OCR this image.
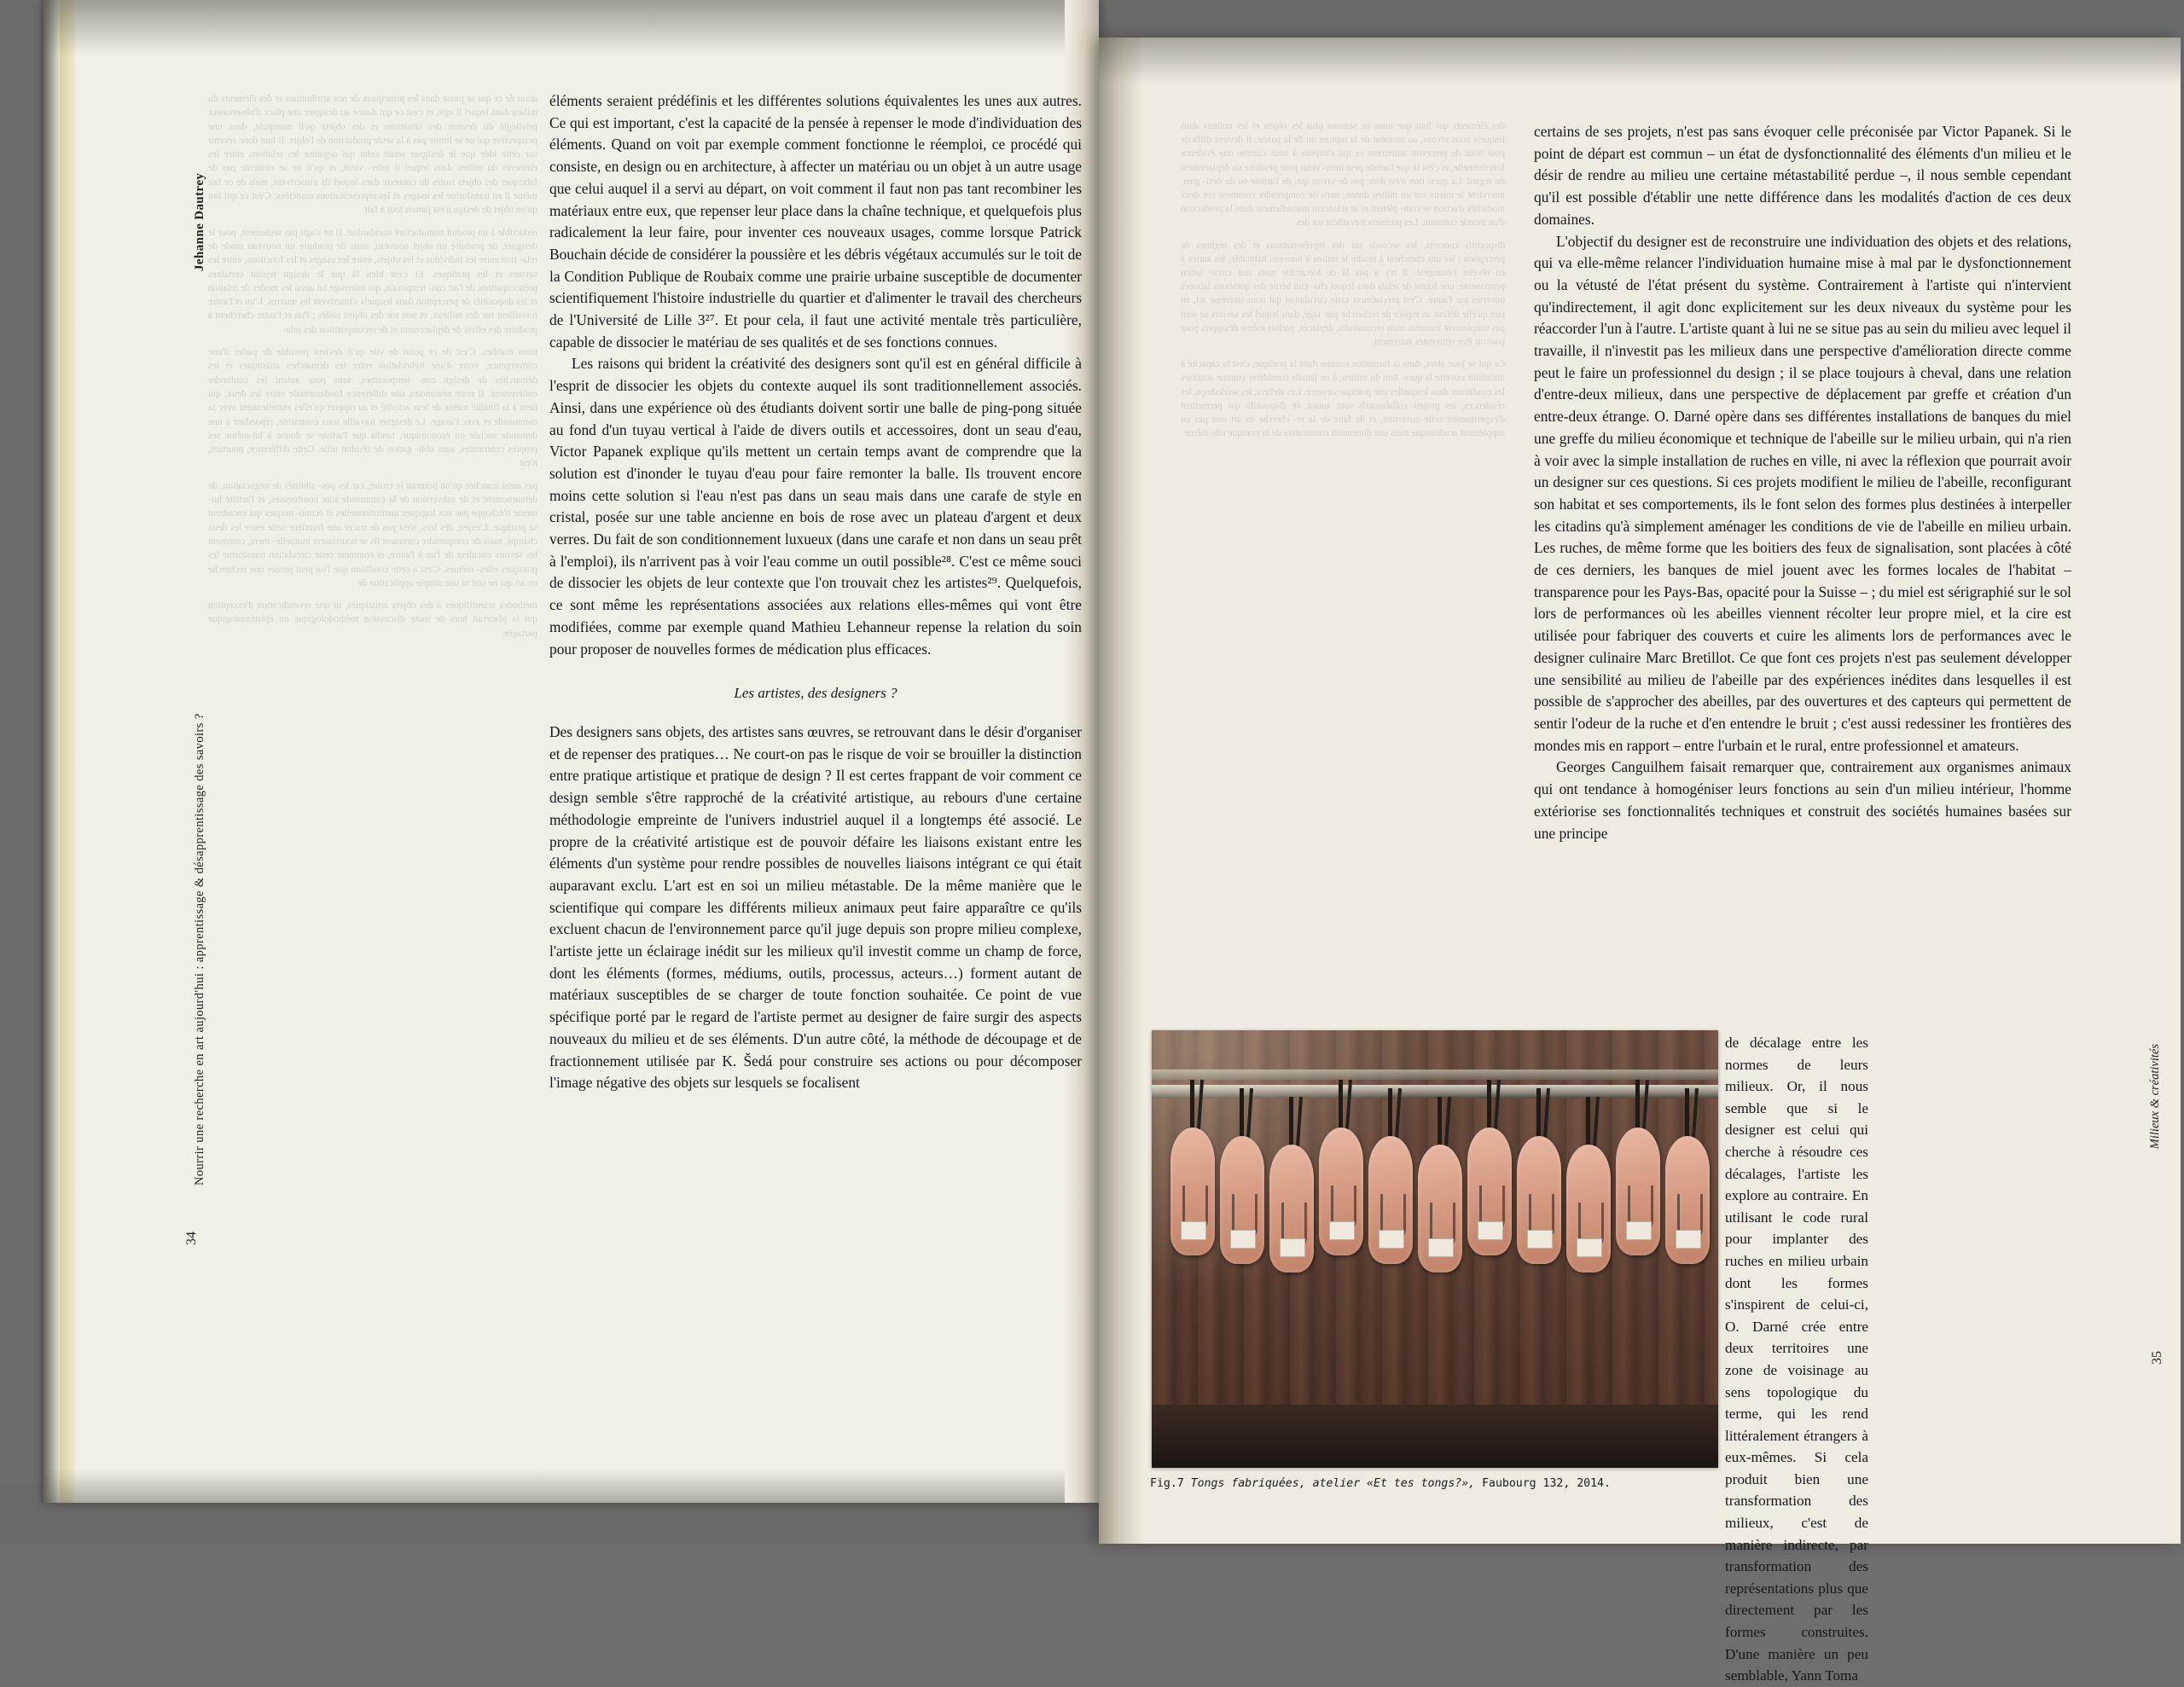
Jehanne Dautrey
Nourrir une recherche en art aujourd'hui : apprentissage & désapprentissage des savoirs ?
34

ation de ce qui se passe dans les principaux de nos attributions et des éléments du milieu dans lequel il agit, et c'est ce qui donne au designer une place d'observateur privilégié du devenir des situations et des objets qu'il manipule, dans une perspective qui ne se limite pas à la seule production de l'objet. Il faut donc revenir sur cette idée que le designer serait celui qui organise les relations entre les éléments du milieu dans lequel il inter- vient, et qu'il ne se contente pas de fabriquer des objets isolés du contexte dans lequel ils s'inscrivent, mais de ce fait même il en transforme les usages et les représentations associées. C'est ce qui fait qu'un objet de design n'est jamais tout à fait

réductible à un produit manufacturé standardisé. Il ne s'agit pas seulement, pour le designer, de produire un objet nouveau, mais de produire un nouveau mode de rela- tion entre les individus et les objets, entre les usages et les fonctions, entre les savoirs et les pratiques. Et c'est bien là que le design rejoint certaines préoccupations de l'art con- temporain, qui interroge lui aussi les modes de relation et les dispositifs de perception dans lesquels s'inscrivent les œuvres. L'un et l'autre travaillent sur des milieux, et non sur des objets isolés ; l'un et l'autre cherchent à produire des effets de déplacement et de recomposition des rela-

tions établies. C'est de ce point de vue qu'il devient possible de parler d'une convergence, voire d'une hybridation entre les démarches artistiques et les démarches de design con- temporaines, sans pour autant les confondre entièrement. Il reste néanmoins une différence fondamentale entre les deux, qui tient à la finalité même de leur activité et au rapport qu'elles entretiennent avec la commande et avec l'usage. Le designer travaille sous contrainte, répondant à une demande sociale ou économique, tandis que l'artiste se donne à lui-même ses propres contraintes, sans obli- gation de résultat utile. Cette différence, pourtant, n'est

pas aussi tranchée qu'on pourrait le croire, car les pos- sibilités de négociation, de détournement et de subversion de la commande sont nombreuses, et l'artiste lui-même n'échappe pas aux logiques institutionnelles et écono- miques qui encadrent sa pratique. L'enjeu, dès lors, n'est pas de tracer une frontière nette entre les deux champs, mais de comprendre comment ils se nourrissent mutuelle- ment, comment les savoirs circulent de l'un à l'autre, et comment cette circulation transforme les pratiques elles- mêmes. C'est à cette condition que l'on peut penser une recherche en art qui ne soit ni une simple application de

méthodes scientifiques à des objets artistiques, ni une revendication d'exception qui la placerait hors de toute discussion méthodologique ou épistémologique partagée.

éléments seraient prédéfinis et les différentes solutions équivalentes les unes aux autres. Ce qui est important, c'est la capacité de la pensée à repenser le mode d'individuation des éléments. Quand on voit par exemple comment fonctionne le réemploi, ce procédé qui consiste, en design ou en architecture, à affecter un matériau ou un objet à un autre usage que celui auquel il a servi au départ, on voit comment il faut non pas tant recombiner les matériaux entre eux, que repenser leur place dans la chaîne technique, et quelquefois plus radicalement la leur faire, pour inventer ces nouveaux usages, comme lorsque Patrick Bouchain décide de considérer la poussière et les débris végétaux accumulés sur le toit de la Condition Publique de Roubaix comme une prairie urbaine susceptible de documenter scientifiquement l'histoire industrielle du quartier et d'alimenter le travail des chercheurs de l'Université de Lille 3²⁷. Et pour cela, il faut une activité mentale très particulière, capable de dissocier le matériau de ses qualités et de ses fonctions connues.

Les raisons qui brident la créativité des designers sont qu'il est en général difficile à l'esprit de dissocier les objets du contexte auquel ils sont traditionnellement associés. Ainsi, dans une expérience où des étudiants doivent sortir une balle de ping-pong située au fond d'un tuyau vertical à l'aide de divers outils et accessoires, dont un seau d'eau, Victor Papanek explique qu'ils mettent un certain temps avant de comprendre que la solution est d'inonder le tuyau d'eau pour faire remonter la balle. Ils trouvent encore moins cette solution si l'eau n'est pas dans un seau mais dans une carafe de style en cristal, posée sur une table ancienne en bois de rose avec un plateau d'argent et deux verres. Du fait de son conditionnement luxueux (dans une carafe et non dans un seau prêt à l'emploi), ils n'arrivent pas à voir l'eau comme un outil possible²⁸. C'est ce même souci de dissocier les objets de leur contexte que l'on trouvait chez les artistes²⁹. Quelquefois, ce sont même les représentations associées aux relations elles-mêmes qui vont être modifiées, comme par exemple quand Mathieu Lehanneur repense la relation du soin pour proposer de nouvelles formes de médication plus efficaces.

Les artistes, des designers ?

Des designers sans objets, des artistes sans œuvres, se retrouvant dans le désir d'organiser et de repenser des pratiques… Ne court-on pas le risque de voir se brouiller la distinction entre pratique artistique et pratique de design ? Il est certes frappant de voir comment ce design semble s'être rapproché de la créativité artistique, au rebours d'une certaine méthodologie empreinte de l'univers industriel auquel il a longtemps été associé. Le propre de la créativité artistique est de pouvoir défaire les liaisons existant entre les éléments d'un système pour rendre possibles de nouvelles liaisons intégrant ce qui était auparavant exclu. L'art est en soi un milieu métastable. De la même manière que le scientifique qui compare les différents milieux animaux peut faire apparaître ce qu'ils excluent chacun de l'environnement parce qu'il juge depuis son propre milieu complexe, l'artiste jette un éclairage inédit sur les milieux qu'il investit comme un champ de force, dont les éléments (formes, médiums, outils, processus, acteurs…) forment autant de matériaux susceptibles de se charger de toute fonction souhaitée. Ce point de vue spécifique porté par le regard de l'artiste permet au designer de faire surgir des aspects nouveaux du milieu et de ses éléments. D'un autre côté, la méthode de découpage et de fractionnement utilisée par K. Šedá pour construire ses actions ou pour décomposer l'image négative des objets sur lesquels se focalisent

des éléments qui font que nous ne sentons plus les objets et les milieux dans lesquels nous vivons, au moment de la rupture ou de la panne, il devient difficile pour nous de percevoir autrement ce qui s'impose à nous comme une évidence fonctionnelle, et c'est là que l'artiste peut inter- venir pour produire un déplacement du regard. La ques- tion n'est donc pas de savoir qui, de l'artiste ou du desi- gner, intervient le mieux sur un milieu donné, mais de comprendre comment ces deux modalités d'action se com- plètent et se relancent mutuellement dans la production d'un monde commun. Les premiers travaillent sur des

dispositifs concrets, les seconds sur des représentations et des régimes de perception ; les uns cherchent à rendre le milieu à nouveau habitable, les autres à en révéler l'étrangeté. Il n'y a pas là de hiérarchie mais une circu- lation permanente, une forme de relais dans lequel cha- cun hérite des questions laissées ouvertes par l'autre. C'est précisément cette circulation qui nous intéresse ici, en tant qu'elle définit un espace de recherche par- tagé, dans lequel les savoirs ne sont pas simplement transmis mais reconstruits, déplacés, parfois même désappris pour pouvoir être réinventés autrement.

Ce qui se joue alors, dans la formation comme dans la pratique, c'est la capacité à maintenir ouverte la ques- tion du milieu, à ne jamais considérer comme acquises les conditions dans lesquelles une pratique s'exerce. Les ateliers, les workshops, les résidences, les projets collaboratifs sont autant de dispositifs qui permettent d'expérimenter cette ouverture, et de faire de la re- cherche en art non pas un supplément académique mais une dimension constitutive de la pratique elle-même.

certains de ses projets, n'est pas sans évoquer celle préconisée par Victor Papanek. Si le point de départ est commun – un état de dysfonctionnalité des éléments d'un milieu et le désir de rendre au milieu une certaine métastabilité perdue –, il nous semble cependant qu'il est possible d'établir une nette différence dans les modalités d'action de ces deux domaines.

L'objectif du designer est de reconstruire une individuation des objets et des relations, qui va elle-même relancer l'individuation humaine mise à mal par le dysfonctionnement ou la vétusté de l'état présent du système. Contrairement à l'artiste qui n'intervient qu'indirectement, il agit donc explicitement sur les deux niveaux du système pour les réaccorder l'un à l'autre. L'artiste quant à lui ne se situe pas au sein du milieu avec lequel il travaille, il n'investit pas les milieux dans une perspective d'amélioration directe comme peut le faire un professionnel du design ; il se place toujours à cheval, dans une relation d'entre-deux milieux, dans une perspective de déplacement par greffe et création d'un entre-deux étrange. O. Darné opère dans ses différentes installations de banques du miel une greffe du milieu économique et technique de l'abeille sur le milieu urbain, qui n'a rien à voir avec la simple installation de ruches en ville, ni avec la réflexion que pourrait avoir un designer sur ces questions. Si ces projets modifient le milieu de l'abeille, reconfigurant son habitat et ses comportements, ils le font selon des formes plus destinées à interpeller les citadins qu'à simplement aménager les conditions de vie de l'abeille en milieu urbain. Les ruches, de même forme que les boitiers des feux de signalisation, sont placées à côté de ces derniers, les banques de miel jouent avec les formes locales de l'habitat – transparence pour les Pays-Bas, opacité pour la Suisse – ; du miel est sérigraphié sur le sol lors de performances où les abeilles viennent récolter leur propre miel, et la cire est utilisée pour fabriquer des couverts et cuire les aliments lors de performances avec le designer culinaire Marc Bretillot. Ce que font ces projets n'est pas seulement développer une sensibilité au milieu de l'abeille par des expériences inédites dans lesquelles il est possible de s'approcher des abeilles, par des ouvertures et des capteurs qui permettent de sentir l'odeur de la ruche et d'en entendre le bruit ; c'est aussi redessiner les frontières des mondes mis en rapport – entre l'urbain et le rural, entre professionnel et amateurs.

Georges Canguilhem faisait remarquer que, contrairement aux organismes animaux qui ont tendance à homogéniser leurs fonctions au sein d'un milieu intérieur, l'homme extériorise ses fonctionnalités techniques et construit des sociétés humaines basées sur une principe

Milieux & créativités
35
de décalage entre les normes de leurs milieux. Or, il nous semble que si le designer est celui qui cherche à résoudre ces décalages, l'artiste les explore au contraire. En utilisant le code rural pour implanter des ruches en milieu urbain dont les formes s'inspirent de celui-ci, O. Darné crée entre deux territoires une zone de voisinage au sens topologique du terme, qui les rend littéralement étrangers à eux-mêmes. Si cela produit bien une transformation des milieux, c'est de manière indirecte, par transformation des représentations plus que directement par les formes construites. D'une manière un peu semblable, Yann Toma
Fig.7 Tongs fabriquées, atelier «Et tes tongs?», Faubourg 132, 2014.
